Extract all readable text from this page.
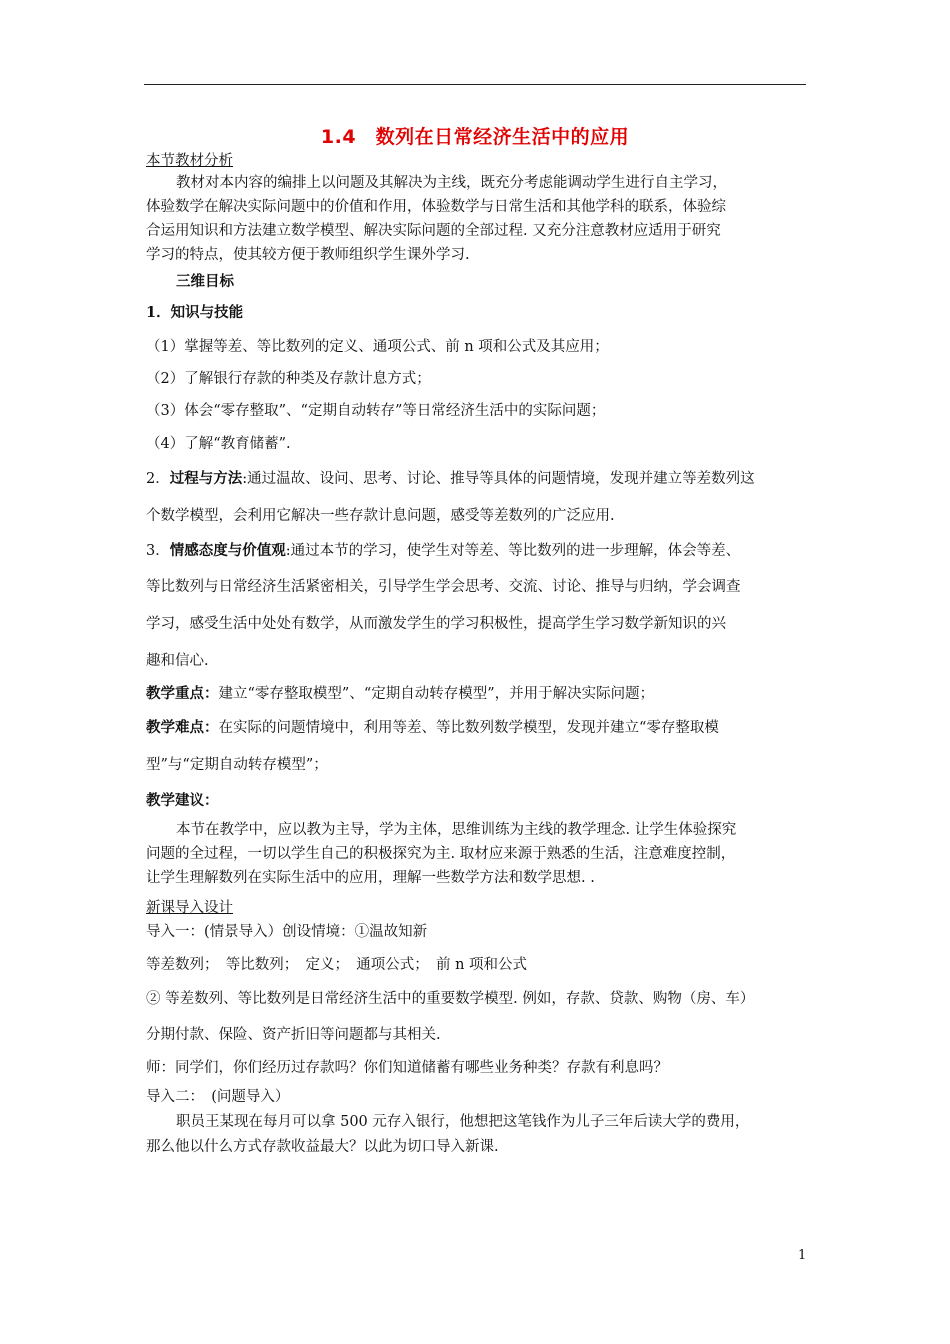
1.4　数列在日常经济生活中的应用
本节教材分析
教材对本内容的编排上以问题及其解决为主线，既充分考虑能调动学生进行自主学习，
体验数学在解决实际问题中的价值和作用，体验数学与日常生活和其他学科的联系，体验综
合运用知识和方法建立数学模型、解决实际问题的全部过程. 又充分注意教材应适用于研究
学习的特点，使其较方便于教师组织学生课外学习.
三维目标
1．知识与技能
（1）掌握等差、等比数列的定义、通项公式、前 n 项和公式及其应用；
（2）了解银行存款的种类及存款计息方式；
（3）体会“零存整取”、“定期自动转存”等日常经济生活中的实际问题；
（4）了解“教育储蓄”.
2．过程与方法:通过温故、设问、思考、讨论、推导等具体的问题情境，发现并建立等差数列这
个数学模型，会利用它解决一些存款计息问题，感受等差数列的广泛应用.
3．情感态度与价值观:通过本节的学习，使学生对等差、等比数列的进一步理解，体会等差、
等比数列与日常经济生活紧密相关，引导学生学会思考、交流、讨论、推导与归纳，学会调查
学习，感受生活中处处有数学，从而激发学生的学习积极性，提高学生学习数学新知识的兴
趣和信心.
教学重点：建立“零存整取模型”、“定期自动转存模型”，并用于解决实际问题；
教学难点：在实际的问题情境中，利用等差、等比数列数学模型，发现并建立“零存整取模
型”与“定期自动转存模型”；
教学建议：
本节在教学中，应以教为主导，学为主体，思维训练为主线的教学理念. 让学生体验探究
问题的全过程，一切以学生自己的积极探究为主. 取材应来源于熟悉的生活，注意难度控制，
让学生理解数列在实际生活中的应用，理解一些数学方法和数学思想. .
新课导入设计
导入一：(情景导入）创设情境：①温故知新
等差数列；　等比数列；　定义；　通项公式；　前 n 项和公式
② 等差数列、等比数列是日常经济生活中的重要数学模型. 例如，存款、贷款、购物（房、车）
分期付款、保险、资产折旧等问题都与其相关.
师：同学们，你们经历过存款吗？你们知道储蓄有哪些业务种类？存款有利息吗？
导入二：　(问题导入）
职员王某现在每月可以拿 500 元存入银行，他想把这笔钱作为儿子三年后读大学的费用，
那么他以什么方式存款收益最大？以此为切口导入新课.
1
